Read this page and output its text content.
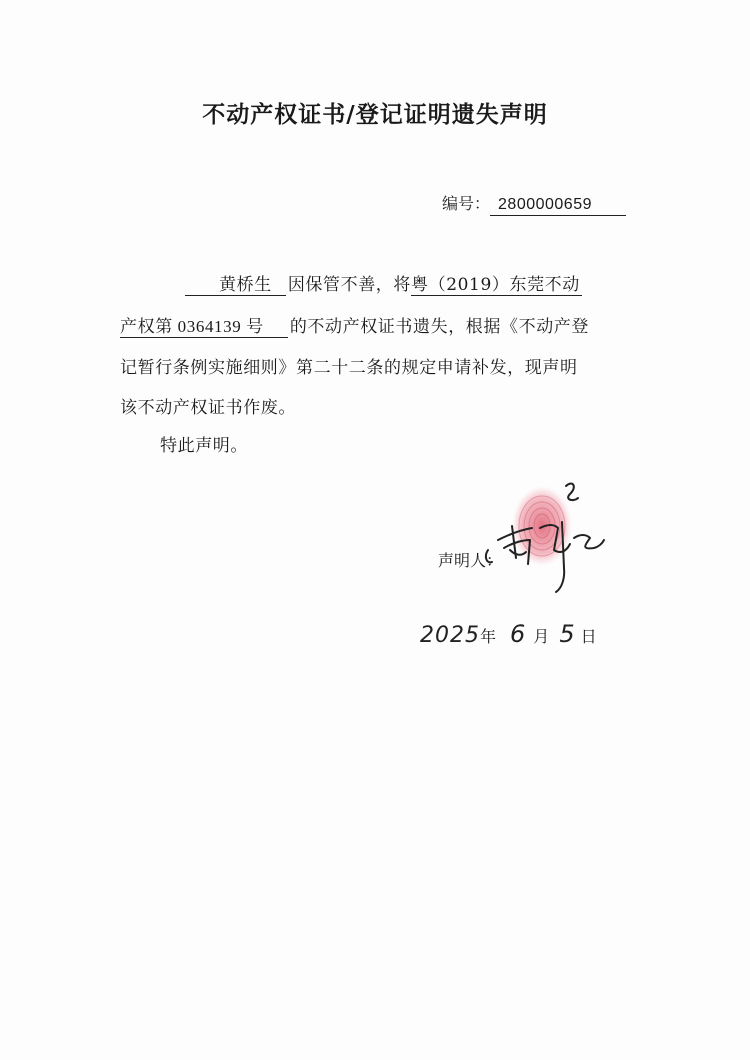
不动产权证书/登记证明遗失声明
编号： 2800000659
黄桥生 因保管不善，将粤（2019）东莞不动
产权第 0364139 号 的不动产权证书遗失，根据《不动产登
记暂行条例实施细则》第二十二条的规定申请补发，现声明
该不动产权证书作废。
特此声明。
声明人：
2025年 6 月 5 日
